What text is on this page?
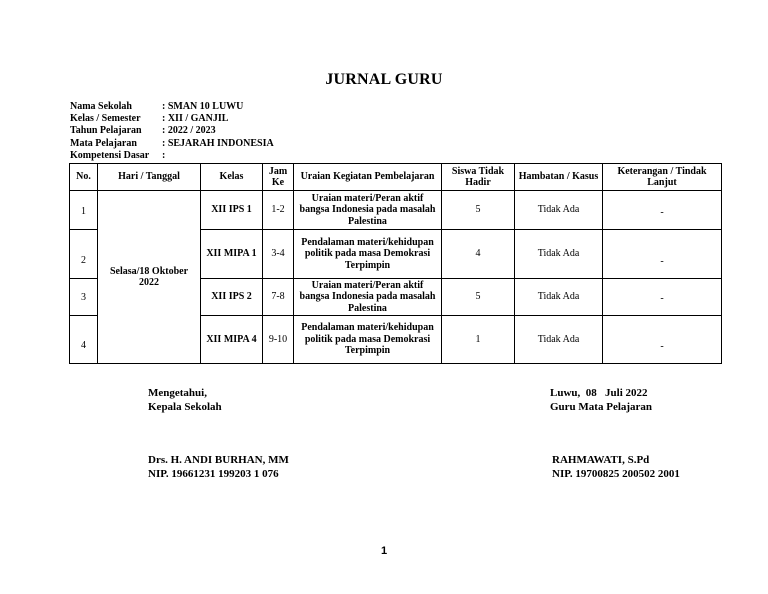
JURNAL GURU
Nama Sekolah	: SMAN 10 LUWU
Kelas / Semester	: XII / GANJIL
Tahun Pelajaran	: 2022 / 2023
Mata Pelajaran	: SEJARAH INDONESIA
Kompetensi Dasar	:
No.	Hari / Tanggal	Kelas	Jam Ke	Uraian Kegiatan Pembelajaran	Siswa Tidak Hadir	Hambatan / Kasus	Keterangan / Tindak Lanjut
1	Selasa/18 Oktober 2022	XII IPS 1	1-2	Uraian materi/Peran aktif bangsa Indonesia pada masalah Palestina	5	Tidak Ada	-
2		XII MIPA 1	3-4	Pendalaman materi/kehidupan politik pada masa Demokrasi Terpimpin	4	Tidak Ada	-
3		XII IPS 2	7-8	Uraian materi/Peran aktif bangsa Indonesia pada masalah Palestina	5	Tidak Ada	-
4		XII MIPA 4	9-10	Pendalaman materi/kehidupan politik pada masa Demokrasi Terpimpin	1	Tidak Ada	-
Mengetahui,
Kepala Sekolah
Drs. H. ANDI BURHAN, MM
NIP. 19661231 199203 1 076
Luwu,  08   Juli 2022
Guru Mata Pelajaran
RAHMAWATI, S.Pd
NIP. 19700825 200502 2001
1
